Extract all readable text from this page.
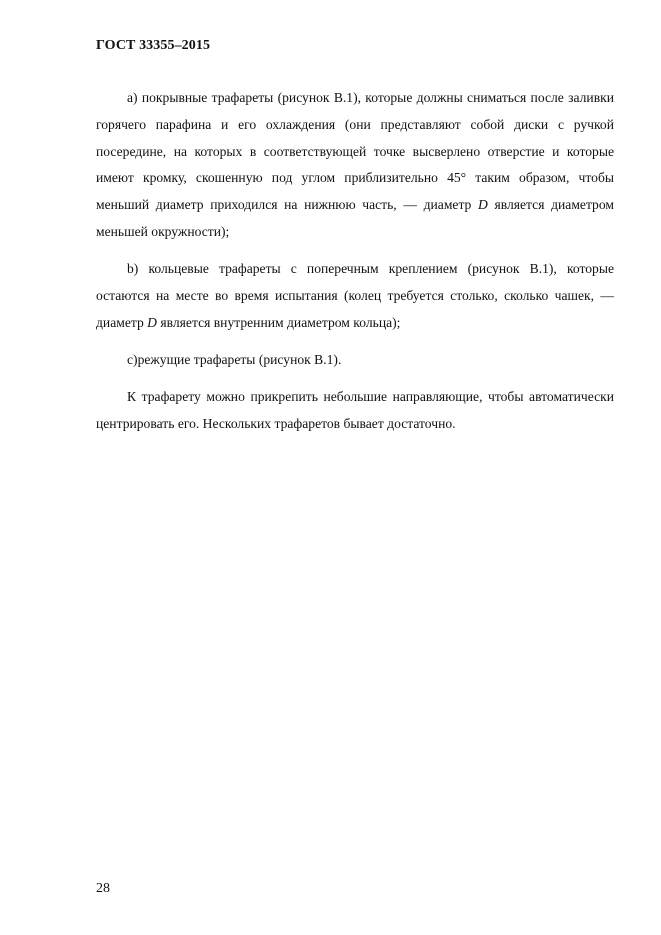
ГОСТ 33355–2015

a) покрывные трафареты (рисунок B.1), которые должны сниматься после заливки горячего парафина и его охлаждения (они представляют собой диски с ручкой посередине, на которых в соответствующей точке высверлено отверстие и которые имеют кромку, скошенную под углом приблизительно 45° таким образом, чтобы меньший диаметр приходился на нижнюю часть, — диаметр D является диаметром меньшей окружности);

b) кольцевые трафареты с поперечным креплением (рисунок B.1), которые остаются на месте во время испытания (колец требуется столько, сколько чашек, — диаметр D является внутренним диаметром кольца);

c)режущие трафареты (рисунок B.1).

К трафарету можно прикрепить небольшие направляющие, чтобы автоматически центрировать его. Нескольких трафаретов бывает достаточно.

28
